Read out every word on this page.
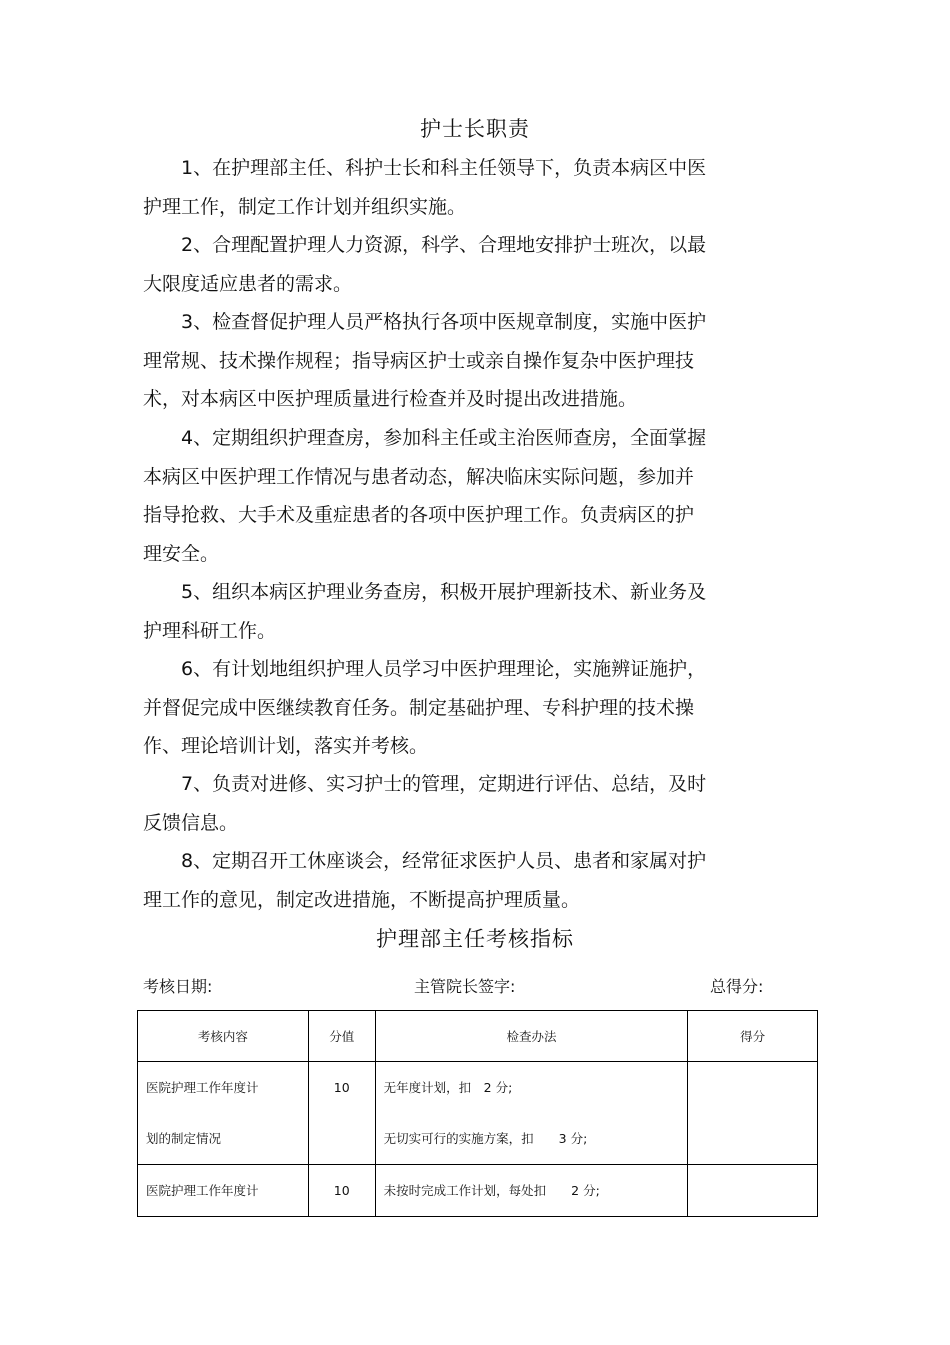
护士长职责
1、在护理部主任、科护士长和科主任领导下，负责本病区中医
护理工作，制定工作计划并组织实施。
2、合理配置护理人力资源，科学、合理地安排护士班次，以最
大限度适应患者的需求。
3、检查督促护理人员严格执行各项中医规章制度，实施中医护
理常规、技术操作规程；指导病区护士或亲自操作复杂中医护理技
术，对本病区中医护理质量进行检查并及时提出改进措施。
4、定期组织护理查房，参加科主任或主治医师查房，全面掌握
本病区中医护理工作情况与患者动态，解决临床实际问题，参加并
指导抢救、大手术及重症患者的各项中医护理工作。负责病区的护
理安全。
5、组织本病区护理业务查房，积极开展护理新技术、新业务及
护理科研工作。
6、有计划地组织护理人员学习中医护理理论，实施辨证施护，
并督促完成中医继续教育任务。制定基础护理、专科护理的技术操
作、理论培训计划，落实并考核。
7、负责对进修、实习护士的管理，定期进行评估、总结，及时
反馈信息。
8、定期召开工休座谈会，经常征求医护人员、患者和家属对护
理工作的意见，制定改进措施，不断提高护理质量。
护理部主任考核指标
考核日期:	主管院长签字:	总得分:
考核内容	分值	检查办法	得分

医院护理工作年度计
划的制定情况	10	无年度计划，扣　2 分;
无切实可行的实施方案，扣　　3 分;	

医院护理工作年度计	10	未按时完成工作计划，每处扣　　2 分;	
